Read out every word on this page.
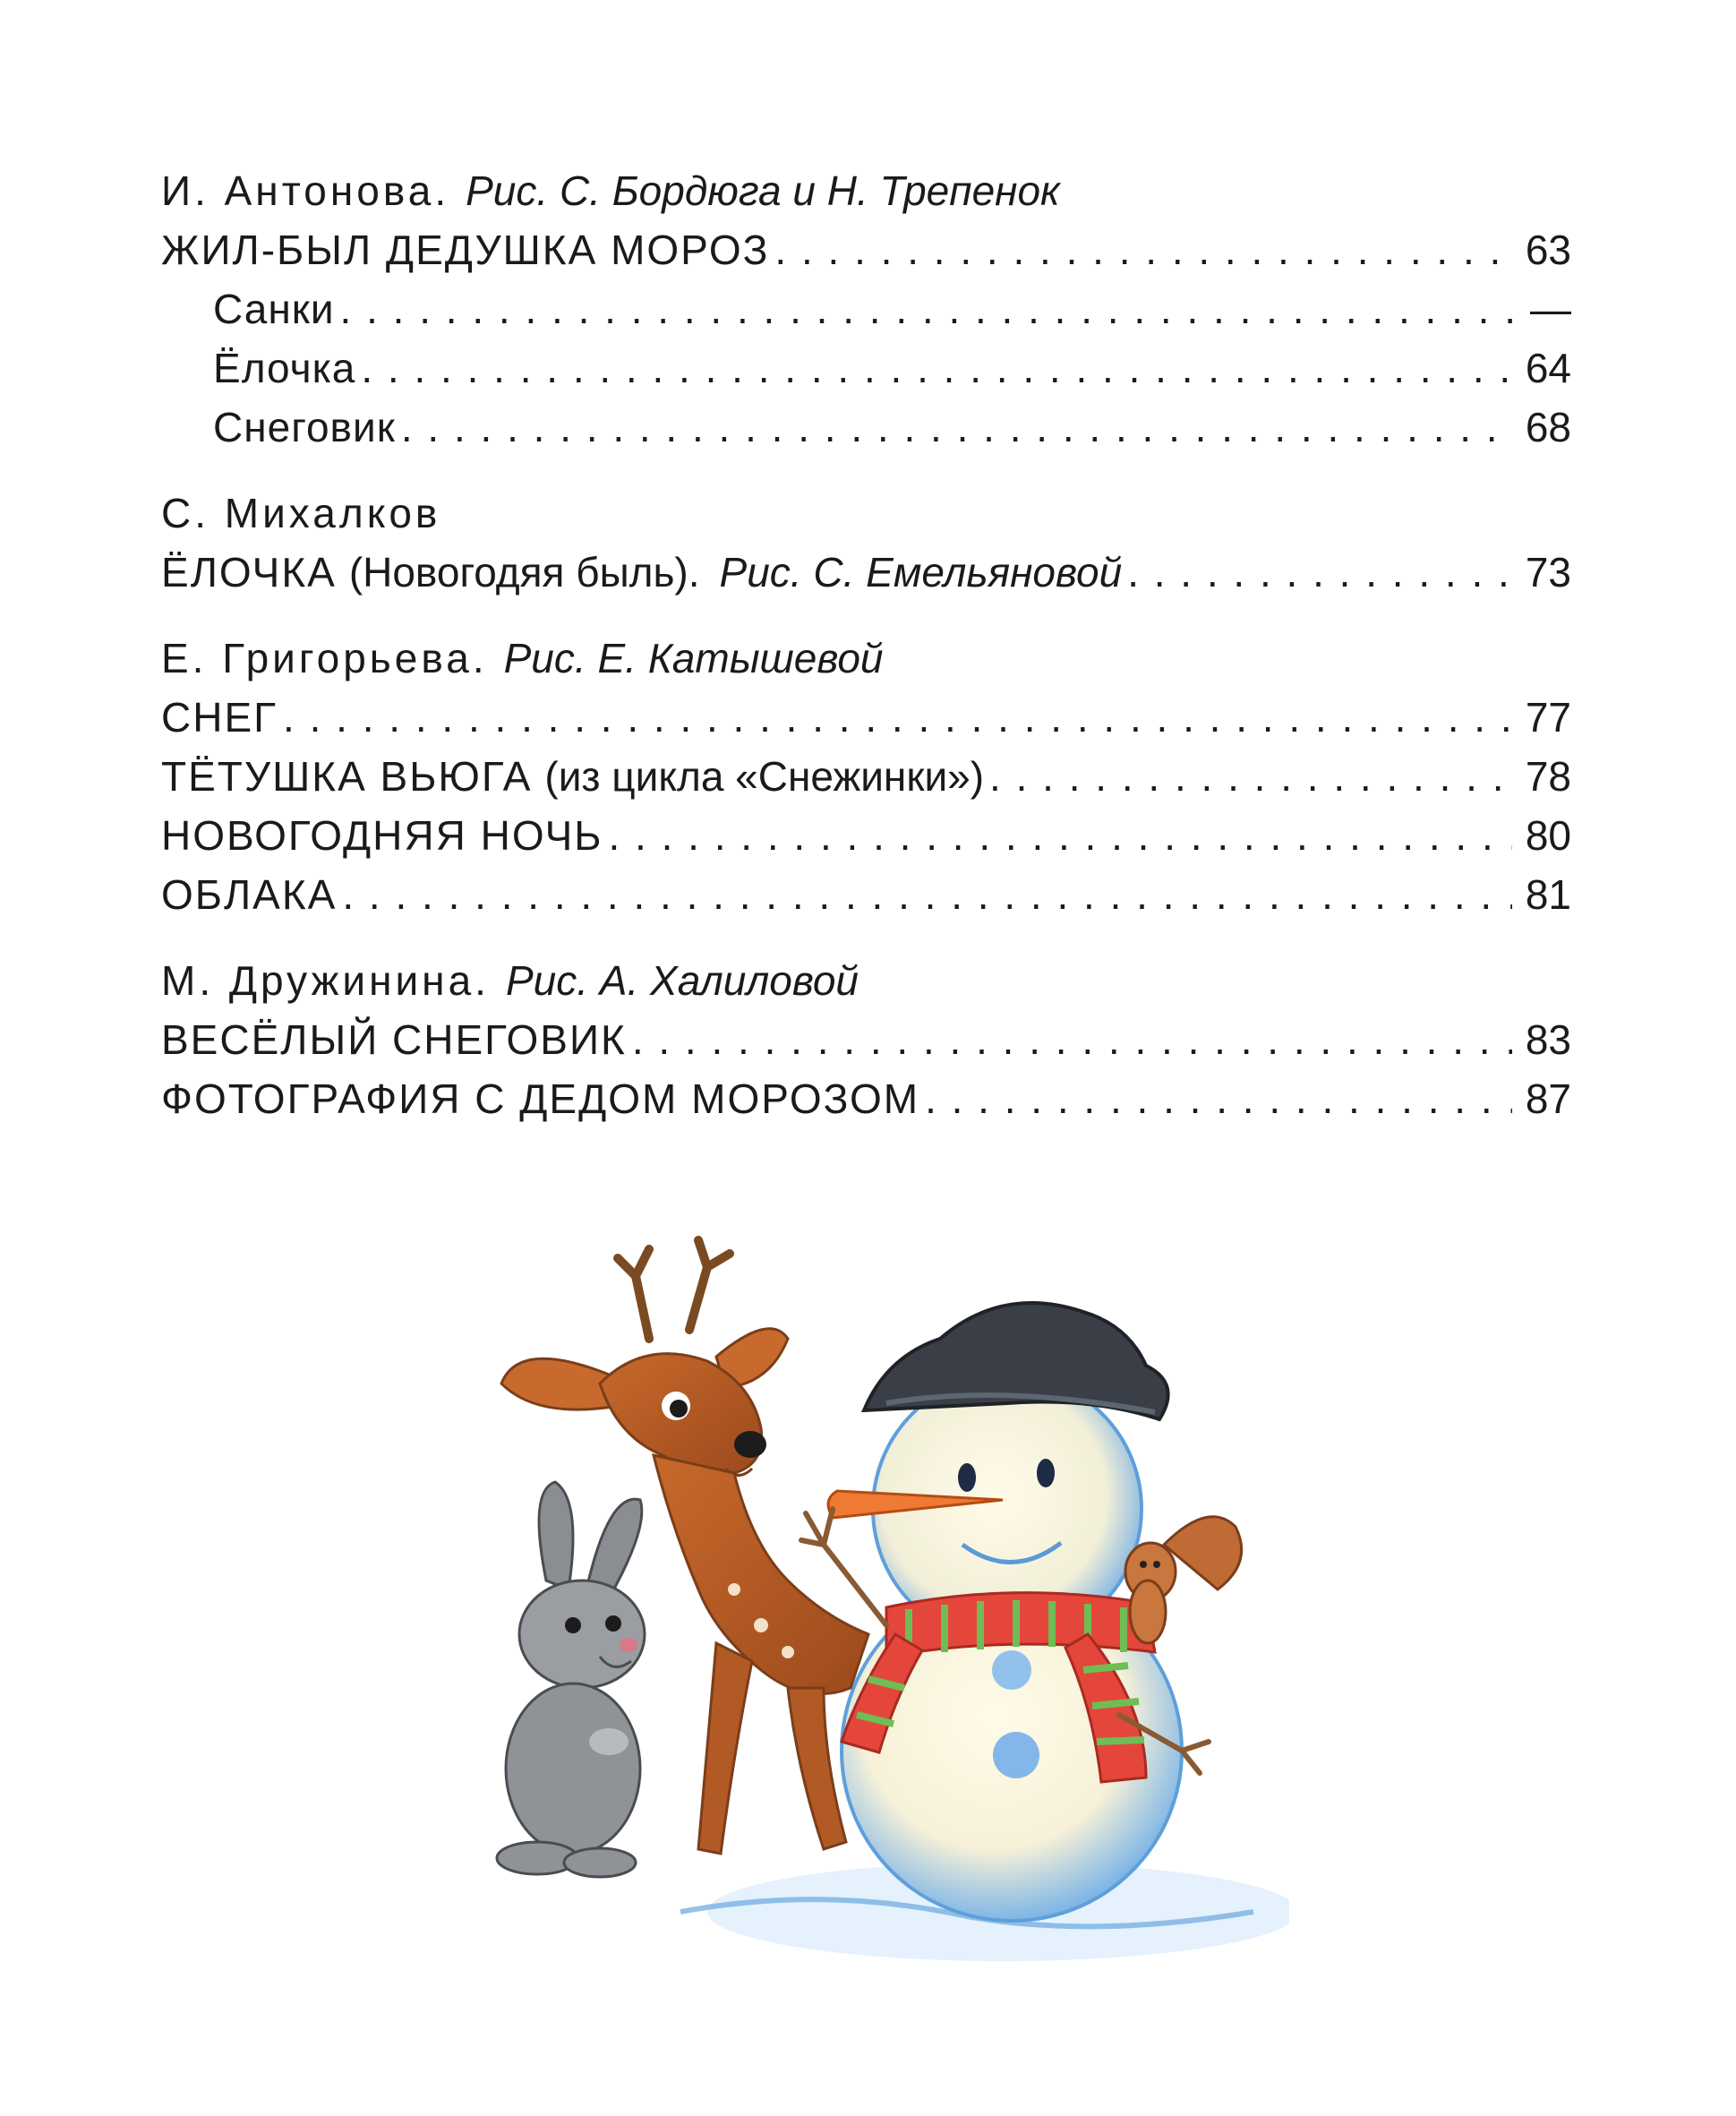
И. Антонова. Рис. С. Бордюга и Н. Трепенок
ЖИЛ-БЫЛ ДЕДУШКА МОРОЗ . . .	63
Санки . . .	—
Ёлочка . . .	64
Снеговик . . .	68
С. Михалков
ЁЛОЧКА (Новогодяя быль). Рис. С. Емельяновой . . .	73
Е. Григорьева. Рис. Е. Катышевой
СНЕГ . . .	77
ТЁТУШКА ВЬЮГА (из цикла «Снежинки») . . .	78
НОВОГОДНЯЯ НОЧЬ . . .	80
ОБЛАКА . . .	81
М. Дружинина. Рис. А. Халиловой
ВЕСЁЛЫЙ СНЕГОВИК . . .	83
ФОТОГРАФИЯ С ДЕДОМ МОРОЗОМ . . .	87
